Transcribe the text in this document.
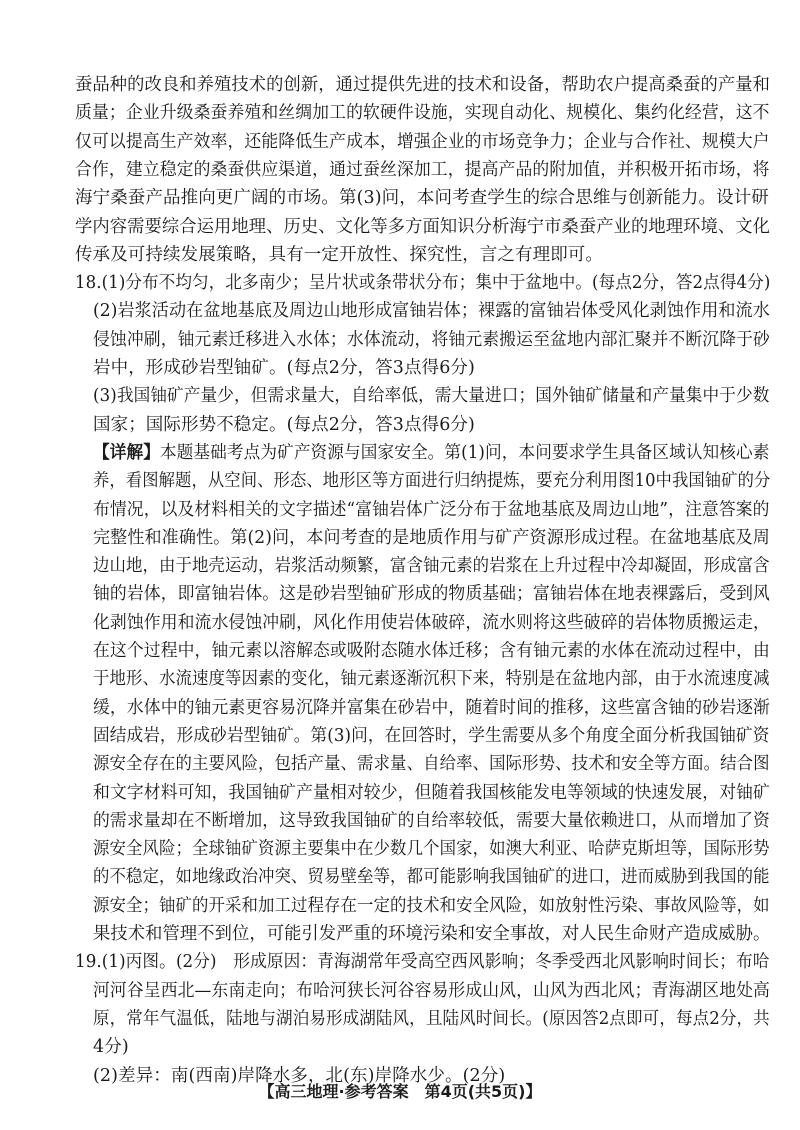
蚕品种的改良和养殖技术的创新，通过提供先进的技术和设备，帮助农户提高桑蚕的产量和
质量；企业升级桑蚕养殖和丝绸加工的软硬件设施，实现自动化、规模化、集约化经营，这不
仅可以提高生产效率，还能降低生产成本，增强企业的市场竞争力；企业与合作社、规模大户
合作，建立稳定的桑蚕供应渠道，通过蚕丝深加工，提高产品的附加值，并积极开拓市场，将
海宁桑蚕产品推向更广阔的市场。第(3)问，本问考查学生的综合思维与创新能力。设计研
学内容需要综合运用地理、历史、文化等多方面知识分析海宁市桑蚕产业的地理环境、文化
传承及可持续发展策略，具有一定开放性、探究性，言之有理即可。
18.(1)分布不均匀，北多南少；呈片状或条带状分布；集中于盆地中。(每点2分，答2点得4分)
(2)岩浆活动在盆地基底及周边山地形成富铀岩体；裸露的富铀岩体受风化剥蚀作用和流水
侵蚀冲刷，铀元素迁移进入水体；水体流动，将铀元素搬运至盆地内部汇聚并不断沉降于砂
岩中，形成砂岩型铀矿。(每点2分，答3点得6分)
(3)我国铀矿产量少，但需求量大，自给率低，需大量进口；国外铀矿储量和产量集中于少数
国家；国际形势不稳定。(每点2分，答3点得6分)
【详解】本题基础考点为矿产资源与国家安全。第(1)问，本问要求学生具备区域认知核心素
养，看图解题，从空间、形态、地形区等方面进行归纳提炼，要充分利用图10中我国铀矿的分
布情况，以及材料相关的文字描述“富铀岩体广泛分布于盆地基底及周边山地”，注意答案的
完整性和准确性。第(2)问，本问考查的是地质作用与矿产资源形成过程。在盆地基底及周
边山地，由于地壳运动，岩浆活动频繁，富含铀元素的岩浆在上升过程中冷却凝固，形成富含
铀的岩体，即富铀岩体。这是砂岩型铀矿形成的物质基础；富铀岩体在地表裸露后，受到风
化剥蚀作用和流水侵蚀冲刷，风化作用使岩体破碎，流水则将这些破碎的岩体物质搬运走，
在这个过程中，铀元素以溶解态或吸附态随水体迁移；含有铀元素的水体在流动过程中，由
于地形、水流速度等因素的变化，铀元素逐渐沉积下来，特别是在盆地内部，由于水流速度减
缓，水体中的铀元素更容易沉降并富集在砂岩中，随着时间的推移，这些富含铀的砂岩逐渐
固结成岩，形成砂岩型铀矿。第(3)问，在回答时，学生需要从多个角度全面分析我国铀矿资
源安全存在的主要风险，包括产量、需求量、自给率、国际形势、技术和安全等方面。结合图
和文字材料可知，我国铀矿产量相对较少，但随着我国核能发电等领域的快速发展，对铀矿
的需求量却在不断增加，这导致我国铀矿的自给率较低，需要大量依赖进口，从而增加了资
源安全风险；全球铀矿资源主要集中在少数几个国家，如澳大利亚、哈萨克斯坦等，国际形势
的不稳定，如地缘政治冲突、贸易壁垒等，都可能影响我国铀矿的进口，进而威胁到我国的能
源安全；铀矿的开采和加工过程存在一定的技术和安全风险，如放射性污染、事故风险等，如
果技术和管理不到位，可能引发严重的环境污染和安全事故，对人民生命财产造成威胁。
19.(1)丙图。(2分)　形成原因：青海湖常年受高空西风影响；冬季受西北风影响时间长；布哈
河河谷呈西北—东南走向；布哈河狭长河谷容易形成山风，山风为西北风；青海湖区地处高
原，常年气温低，陆地与湖泊易形成湖陆风，且陆风时间长。(原因答2点即可，每点2分，共
4分)
(2)差异：南(西南)岸降水多，北(东)岸降水少。(2分)
【高三地理·参考答案　第4页(共5页)】
